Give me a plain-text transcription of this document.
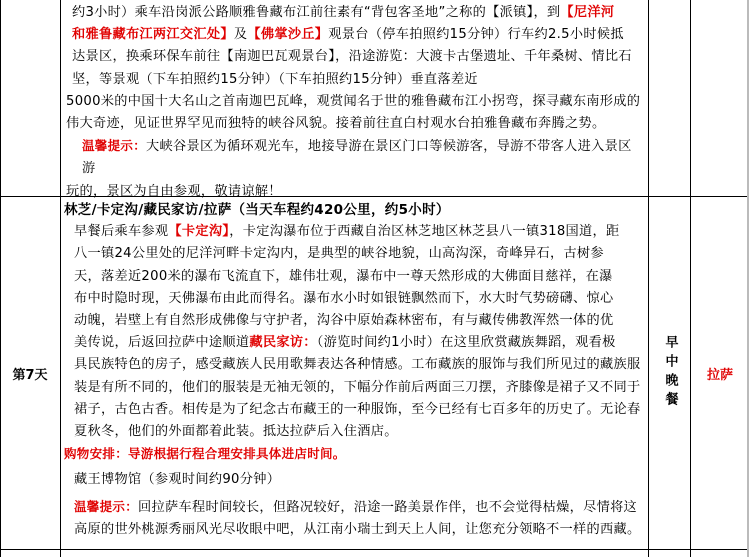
约3小时）乘车沿岗派公路顺雅鲁藏布江前往素有“背包客圣地”之称的【派镇】，到【尼洋河
和雅鲁藏布江两江交汇处】及【佛掌沙丘】观景台（停车拍照约15分钟）行车约2.5小时候抵
达景区，换乘环保车前往【南迦巴瓦观景台】，沿途游览：大渡卡古堡遗址、千年桑树、情比石
坚，等景观（下车拍照约15分钟）（下车拍照约15分钟）垂直落差近
5000米的中国十大名山之首南迦巴瓦峰，观赏闻名于世的雅鲁藏布江小拐弯，探寻藏东南形成的
伟大奇迹，见证世界罕见而独特的峡谷风貌。接着前往直白村观水台拍雅鲁藏布奔腾之势。
温馨提示：大峡谷景区为循环观光车，地接导游在景区门口等候游客，导游不带客人进入景区游
玩的，景区为自由参观，敬请谅解！
第7天
林芝/卡定沟/藏民家访/拉萨（当天车程约420公里，约5小时）
早餐后乘车参观【卡定沟】，卡定沟瀑布位于西藏自治区林芝地区林芝县八一镇318国道，距
八一镇24公里处的尼洋河畔卡定沟内，是典型的峡谷地貌，山高沟深，奇峰异石，古树参
天，落差近200米的瀑布飞流直下，雄伟壮观，瀑布中一尊天然形成的大佛面目慈祥，在瀑
布中时隐时现，天佛瀑布由此而得名。瀑布水小时如银链飘然而下，水大时气势磅礴、惊心
动魄，岩壁上有自然形成佛像与守护者，沟谷中原始森林密布，有与藏传佛教浑然一体的优
美传说，后返回拉萨中途顺道藏民家访：（游览时间约1小时）在这里欣赏藏族舞蹈，观看极
具民族特色的房子，感受藏族人民用歌舞表达各种情感。工布藏族的服饰与我们所见过的藏族服
装是有所不同的，他们的服装是无袖无领的，下幅分作前后两面三刀摆，齐膝像是裙子又不同于
裙子，古色古香。相传是为了纪念古布藏王的一种服饰，至今已经有七百多年的历史了。无论春
夏秋冬，他们的外面都着此装。抵达拉萨后入住酒店。
购物安排：导游根据行程合理安排具体进店时间。
藏王博物馆（参观时间约90分钟）
温馨提示：回拉萨车程时间较长，但路况较好，沿途一路美景作伴，也不会觉得枯燥，尽情将这
高原的世外桃源秀丽风光尽收眼中吧，从江南小瑞士到天上人间，让您充分领略不一样的西藏。
早中晚餐 拉萨
